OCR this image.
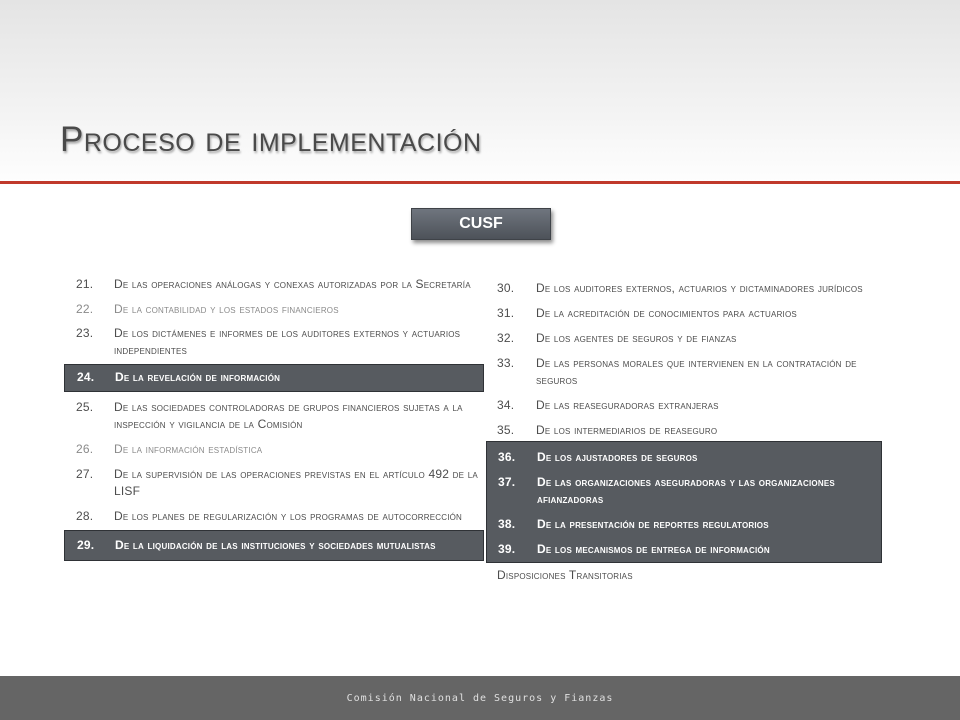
Proceso de implementación
CUSF
21.	De las operaciones análogas y conexas autorizadas por la Secretaría
22.	De la contabilidad y los estados financieros
23.	De los dictámenes e informes de los auditores externos y actuarios independientes
24.	De la revelación de información
25.	De las sociedades controladoras de grupos financieros sujetas a la inspección y vigilancia de la Comisión
26.	De la información estadística
27.	De la supervisión de las operaciones previstas en el artículo 492 de la LISF
28.	De los planes de regularización y los programas de autocorrección
29.	De la liquidación de las instituciones y sociedades mutualistas
30.	De los auditores externos, actuarios y dictaminadores jurídicos
31.	De la acreditación de conocimientos para actuarios
32.	De los agentes de seguros y de fianzas
33.	De las personas morales que intervienen en la contratación de seguros
34.	De las reaseguradoras extranjeras
35.	De los intermediarios de reaseguro
36.	De los ajustadores de seguros
37.	De las organizaciones aseguradoras y las organizaciones afianzadoras
38.	De la presentación de reportes regulatorios
39.	De los mecanismos de entrega de información
Disposiciones Transitorias
Comisión Nacional de Seguros y Fianzas
